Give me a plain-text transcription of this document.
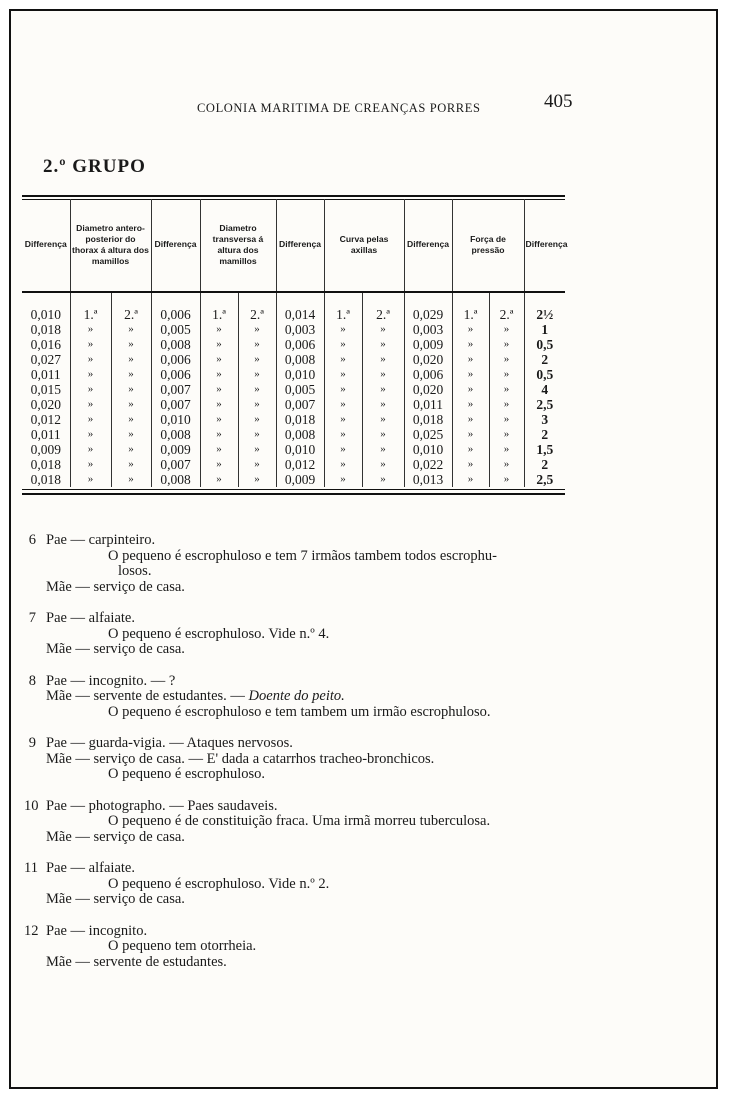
COLONIA MARITIMA DE CREANÇAS PORRES	405
2.º GRUPO
Differença	Diametro antero-posterior do thorax á altura dos mamillos		Differença	Diametro transversa á altura dos mamillos		Differença	Curva pelas axillas		Differença	Força de pressão		Differença
0,010	1.ª	2.ª	0,006	1.ª	2.ª	0,014	1.ª	2.ª	0,029	1.ª	2.ª	2½
0,018	»	»	0,005	»	»	0,003	»	»	0,003	»	»	1
0,016	»	»	0,008	»	»	0,006	»	»	0,009	»	»	0,5
0,027	»	»	0,006	»	»	0,008	»	»	0,020	»	»	2
0,011	»	»	0,006	»	»	0,010	»	»	0,006	»	»	0,5
0,015	»	»	0,007	»	»	0,005	»	»	0,020	»	»	4
0,020	»	»	0,007	»	»	0,007	»	»	0,011	»	»	2,5
0,012	»	»	0,010	»	»	0,018	»	»	0,018	»	»	3
0,011	»	»	0,008	»	»	0,008	»	»	0,025	»	»	2
0,009	»	»	0,009	»	»	0,010	»	»	0,010	»	»	1,5
0,018	»	»	0,007	»	»	0,012	»	»	0,022	»	»	2
0,018	»	»	0,008	»	»	0,009	»	»	0,013	»	»	2,5
6 Pae — carpinteiro.
O pequeno é escrophuloso e tem 7 irmãos tambem todos escrophu-
losos.
Mãe — serviço de casa.
7 Pae — alfaiate.
O pequeno é escrophuloso. Vide n.º 4.
Mãe — serviço de casa.
8 Pae — incognito. — ?
Mãe — servente de estudantes. — Doente do peito.
O pequeno é escrophuloso e tem tambem um irmão escrophuloso.
9 Pae — guarda-vigia. — Ataques nervosos.
Mãe — serviço de casa. — E' dada a catarrhos tracheo-bronchicos.
O pequeno é escrophuloso.
10 Pae — photographo. — Paes saudaveis.
O pequeno é de constituição fraca. Uma irmã morreu tuberculosa.
Mãe — serviço de casa.
11 Pae — alfaiate.
O pequeno é escrophuloso. Vide n.º 2.
Mãe — serviço de casa.
12 Pae — incognito.
O pequeno tem otorrheia.
Mãe — servente de estudantes.
